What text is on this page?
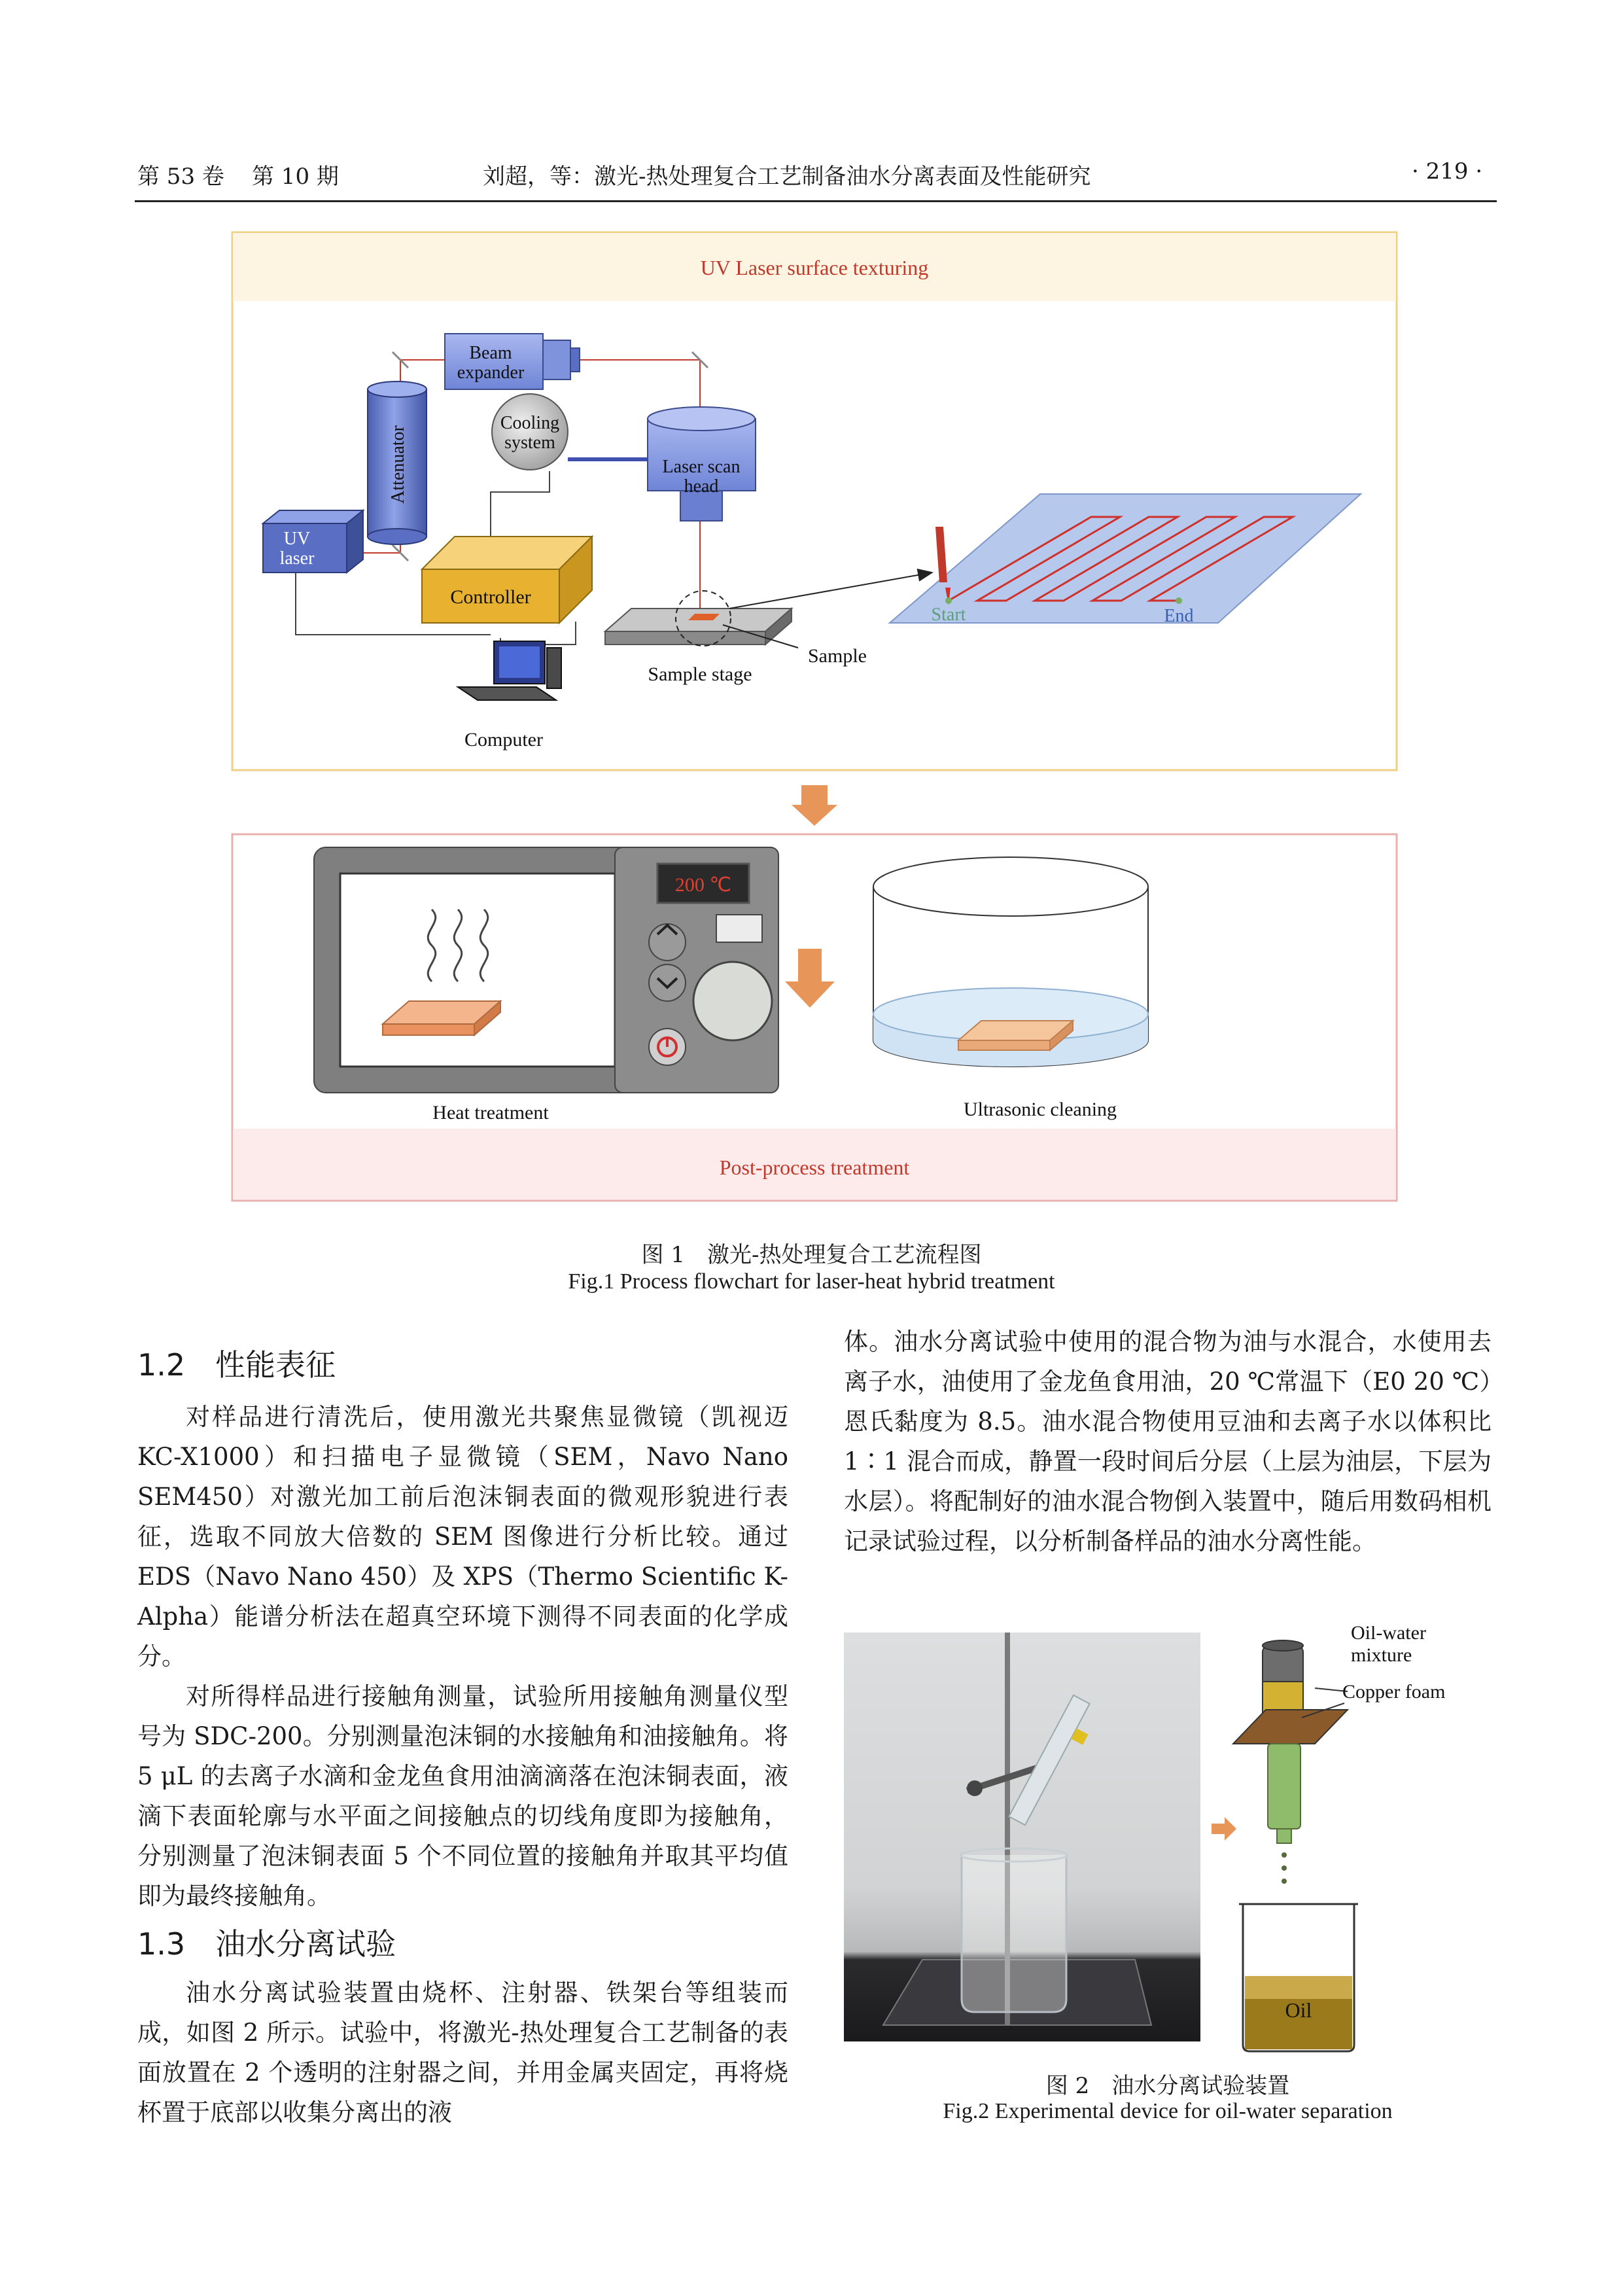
第 53 卷 第 10 期	刘超，等：激光-热处理复合工艺制备油水分离表面及性能研究	· 219 ·
UV Laser surface texturing
Beam
expander
Attenuator
Cooling
system
Laser scan
head
UV
laser
Controller
Computer
Sample stage
Sample
Start	End
Post-process treatment
200 ℃
Heat treatment	Ultrasonic cleaning
图 1　激光-热处理复合工艺流程图
Fig.1 Process flowchart for laser-heat hybrid treatment
1.2　性能表征

对样品进行清洗后，使用激光共聚焦显微镜（凯视迈 KC-X1000）和扫描电子显微镜（SEM，Navo Nano SEM450）对激光加工前后泡沫铜表面的微观形貌进行表征，选取不同放大倍数的 SEM 图像进行分析比较。通过 EDS（Navo Nano 450）及 XPS（Thermo Scientific K-Alpha）能谱分析法在超真空环境下测得不同表面的化学成分。

对所得样品进行接触角测量，试验所用接触角测量仪型号为 SDC-200。分别测量泡沫铜的水接触角和油接触角。将 5 μL 的去离子水滴和金龙鱼食用油滴滴落在泡沫铜表面，液滴下表面轮廓与水平面之间接触点的切线角度即为接触角，分别测量了泡沫铜表面 5 个不同位置的接触角并取其平均值即为最终接触角。

1.3　油水分离试验

油水分离试验装置由烧杯、注射器、铁架台等组装而成，如图 2 所示。试验中，将激光-热处理复合工艺制备的表面放置在 2 个透明的注射器之间，并用金属夹固定，再将烧杯置于底部以收集分离出的液

体。油水分离试验中使用的混合物为油与水混合，水使用去离子水，油使用了金龙鱼食用油，20 ℃常温下（E0 20 ℃）恩氏黏度为 8.5。油水混合物使用豆油和去离子水以体积比 1∶1 混合而成，静置一段时间后分层（上层为油层，下层为水层）。将配制好的油水混合物倒入装置中，随后用数码相机记录试验过程，以分析制备样品的油水分离性能。

Oil-water
mixture
Copper foam
Oil
图 2　油水分离试验装置
Fig.2 Experimental device for oil-water separation
